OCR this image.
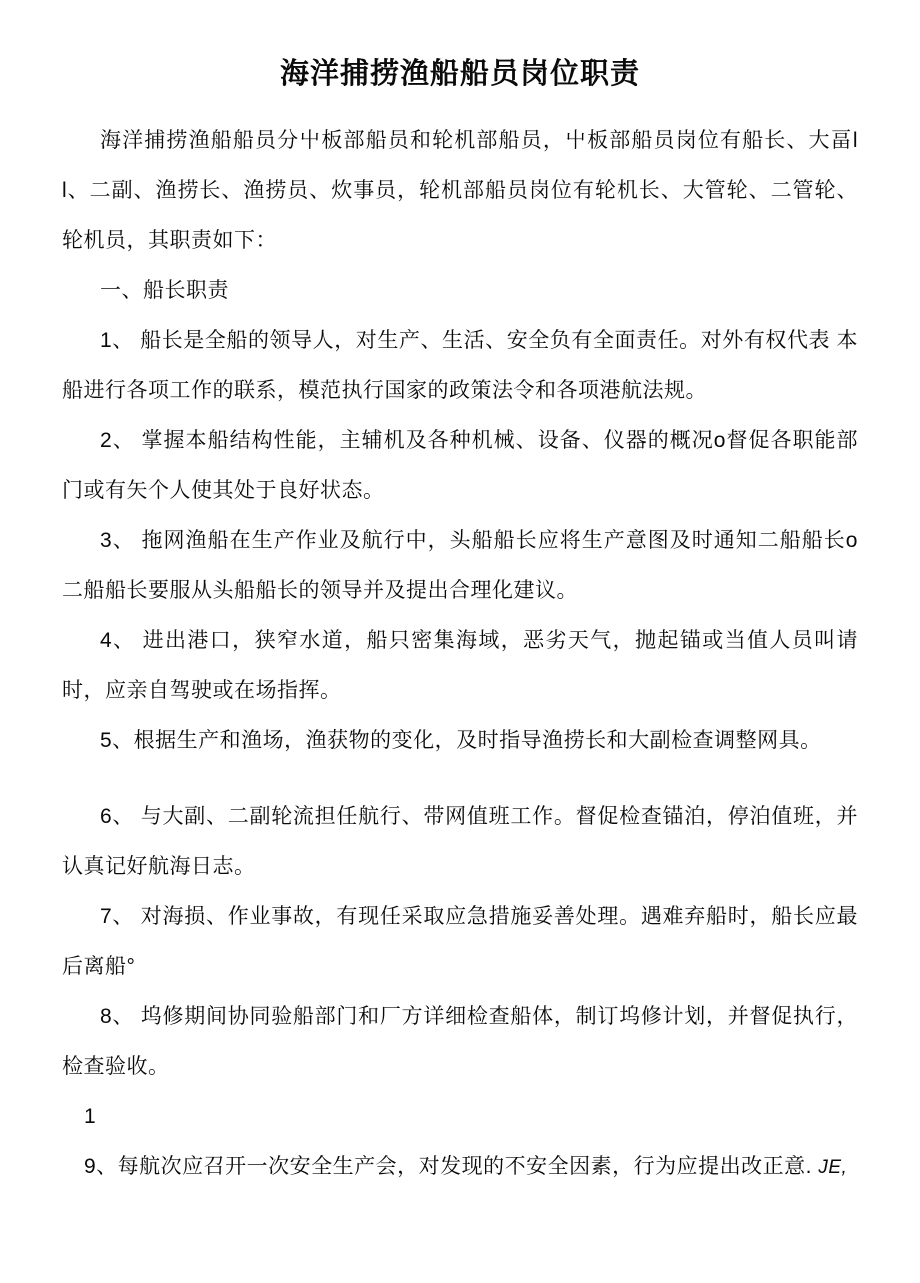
海洋捕捞渔船船员岗位职责

海洋捕捞渔船船员分屮板部船员和轮机部船员，屮板部船员岗位有船长、大畐ll、二副、渔捞长、渔捞员、炊事员，轮机部船员岗位有轮机长、大管轮、二管轮、轮机员，其职责如下：

一、船长职责

1、 船长是全船的领导人，对生产、生活、安全负有全面责任。对外有权代表 本船进行各项工作的联系，模范执行国家的政策法令和各项港航法规。

2、 掌握本船结构性能，主辅机及各种机械、设备、仪器的概况o督促各职能部门或有矢个人使其处于良好状态。

3、 拖网渔船在生产作业及航行中，头船船长应将生产意图及时通知二船船长o 二船船长要服从头船船长的领导并及提出合理化建议。

4、 进出港口，狭窄水道，船只密集海域，恶劣天气，抛起锚或当值人员叫请时，应亲自驾驶或在场指挥。

5、根据生产和渔场，渔获物的变化，及时指导渔捞长和大副检查调整网具。

6、 与大副、二副轮流担任航行、带网值班工作。督促检查锚泊，停泊值班，并认真记好航海日志。

7、 对海损、作业事故，有现任采取应急措施妥善处理。遇难弃船时，船长应最后离船°

8、 坞修期间协同验船部门和厂方详细检查船体，制订坞修计划，并督促执行，检查验收。

1

9、每航次应召开一次安全生产会，对发现的不安全因素，行为应提出改正意. JE,
